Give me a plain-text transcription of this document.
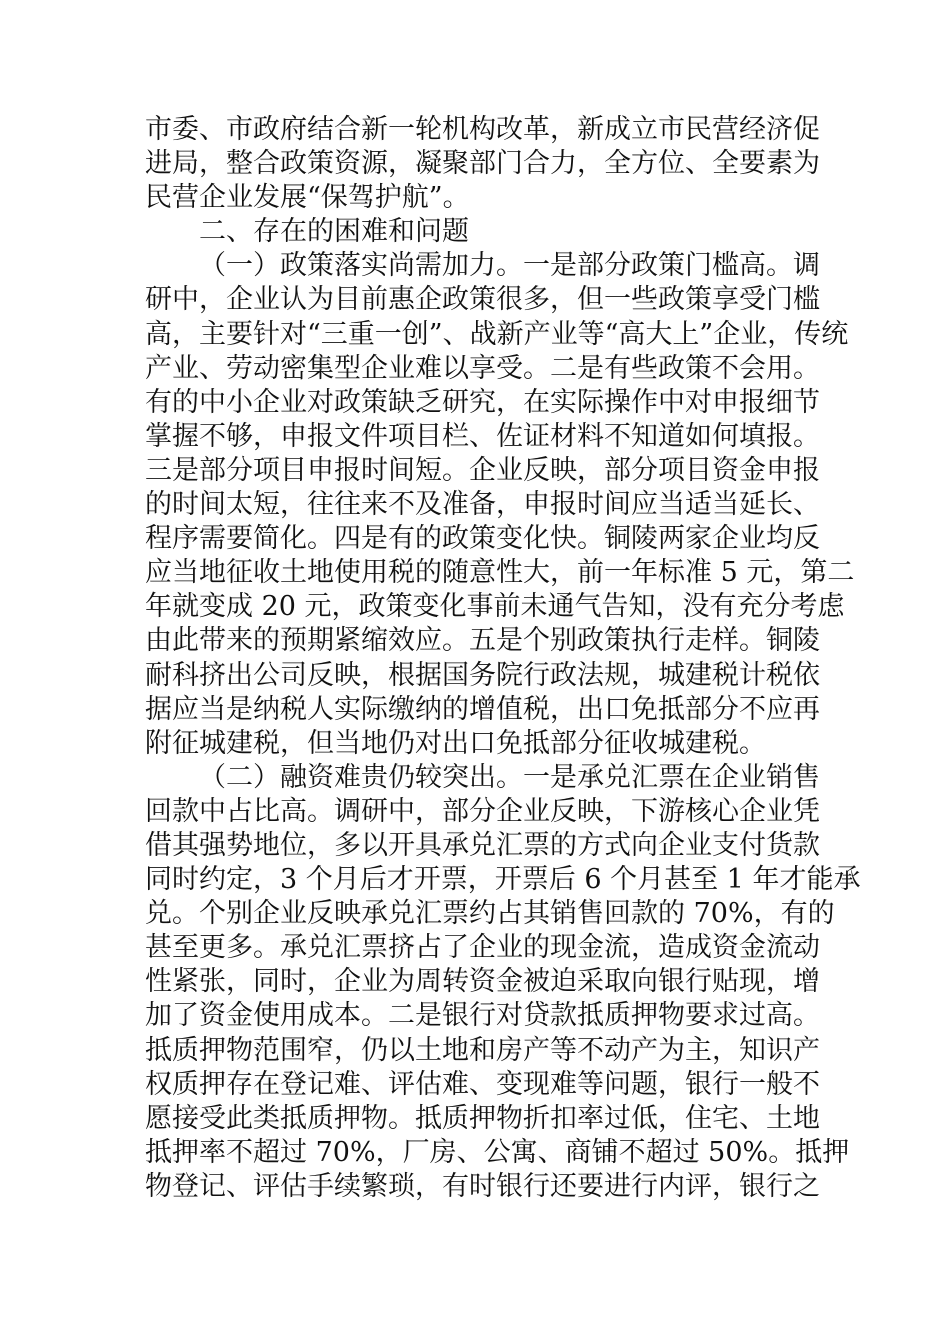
市委、市政府结合新一轮机构改革，新成立市民营经济促
进局，整合政策资源，凝聚部门合力，全方位、全要素为
民营企业发展“保驾护航”。
二、存在的困难和问题
（一）政策落实尚需加力。一是部分政策门槛高。调
研中，企业认为目前惠企政策很多，但一些政策享受门槛
高，主要针对“三重一创”、战新产业等“高大上”企业，传统
产业、劳动密集型企业难以享受。二是有些政策不会用。
有的中小企业对政策缺乏研究，在实际操作中对申报细节
掌握不够，申报文件项目栏、佐证材料不知道如何填报。
三是部分项目申报时间短。企业反映，部分项目资金申报
的时间太短，往往来不及准备，申报时间应当适当延长、
程序需要简化。四是有的政策变化快。铜陵两家企业均反
应当地征收土地使用税的随意性大，前一年标准 5 元，第二
年就变成 20 元，政策变化事前未通气告知，没有充分考虑
由此带来的预期紧缩效应。五是个别政策执行走样。铜陵
耐科挤出公司反映，根据国务院行政法规，城建税计税依
据应当是纳税人实际缴纳的增值税，出口免抵部分不应再
附征城建税，但当地仍对出口免抵部分征收城建税。
（二）融资难贵仍较突出。一是承兑汇票在企业销售
回款中占比高。调研中，部分企业反映，下游核心企业凭
借其强势地位，多以开具承兑汇票的方式向企业支付货款
同时约定，3 个月后才开票，开票后 6 个月甚至 1 年才能承
兑。个别企业反映承兑汇票约占其销售回款的 70%，有的
甚至更多。承兑汇票挤占了企业的现金流，造成资金流动
性紧张，同时，企业为周转资金被迫采取向银行贴现，增
加了资金使用成本。二是银行对贷款抵质押物要求过高。
抵质押物范围窄，仍以土地和房产等不动产为主，知识产
权质押存在登记难、评估难、变现难等问题，银行一般不
愿接受此类抵质押物。抵质押物折扣率过低，住宅、土地
抵押率不超过 70%，厂房、公寓、商铺不超过 50%。抵押
物登记、评估手续繁琐，有时银行还要进行内评，银行之
